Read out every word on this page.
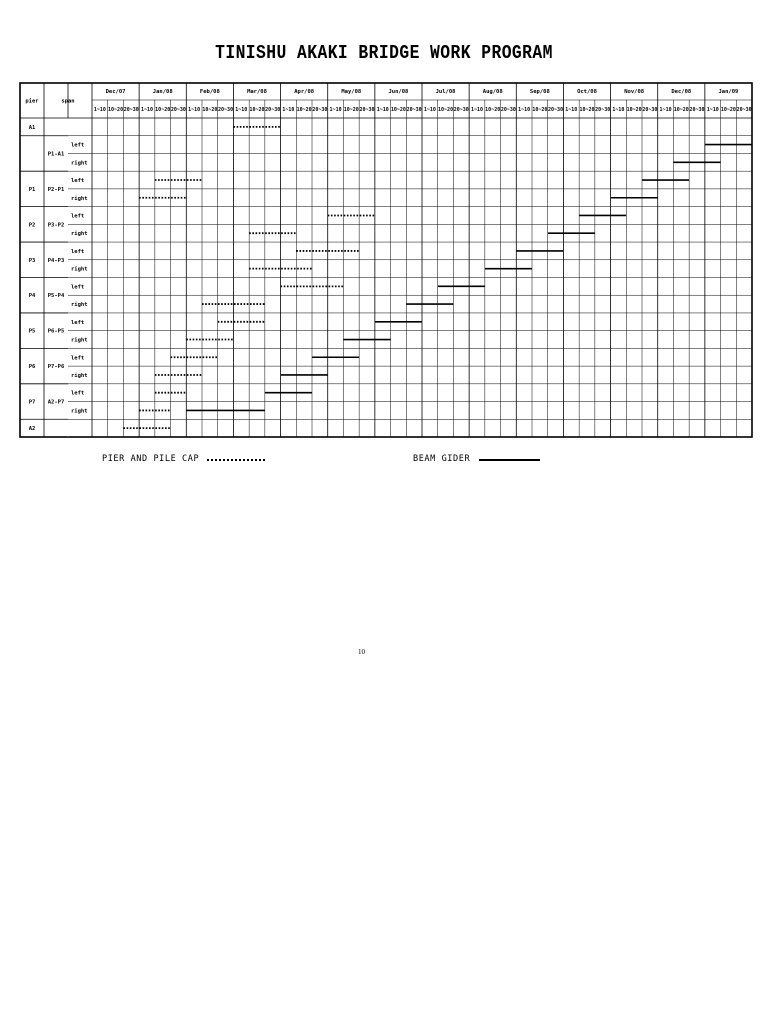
TINISHU AKAKI BRIDGE WORK PROGRAM
pier	span
Dec/07
1~10 10~20 20~30
Jan/08
1~10 10~20 20~30
Feb/08
1~10 10~20 20~30
Mar/08
1~10 10~20 20~30
Apr/08
1~10 10~20 20~30
May/08
1~10 10~20 20~30
Jun/08
1~10 10~20 20~30
Jul/08
1~10 10~20 20~30
Aug/08
1~10 10~20 20~30
Sep/08
1~10 10~20 20~30
Oct/08
1~10 10~20 20~30
Nov/08
1~10 10~20 20~30
Dec/08
1~10 10~20 20~30
Jan/09
1~10 10~20 20~30
A1
P1-A1
P1 P2-P1
P2 P3-P2
P3 P4-P3
P4 P5-P4
P5 P6-P5
P6 P7-P6
P7 A2-P7
A2
left
right
left
right
left
right
left
right
left
right
left
right
left
right
left
right
PIER AND PILE CAP	BEAM GIDER
10
